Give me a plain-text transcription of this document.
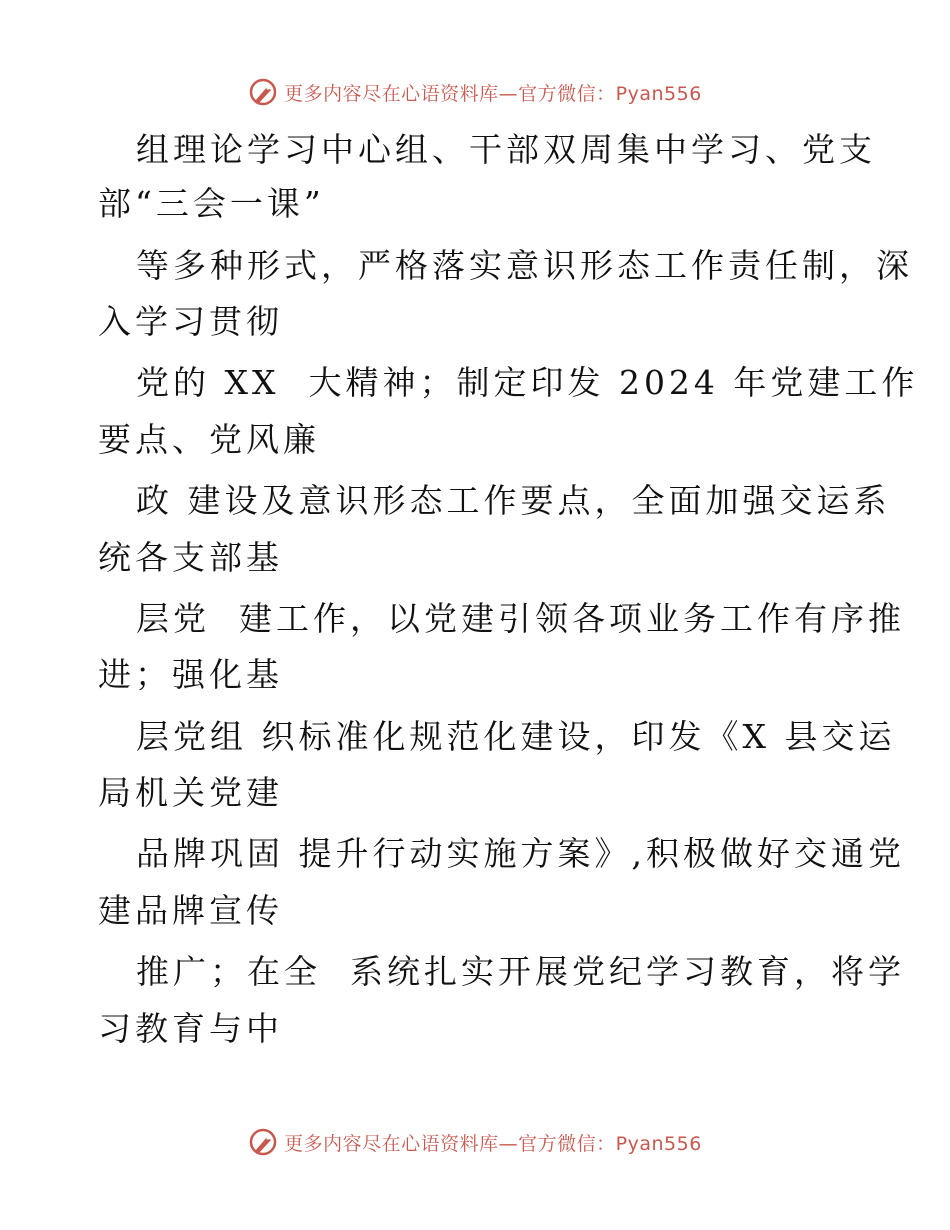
更多内容尽在心语资料库—官方微信：Pyan556
组理论学习中心组、干部双周集中学习、党支
部“三会一课”
等多种形式，严格落实意识形态工作责任制，深
入学习贯彻
党的 XX  大精神；制定印发 2024 年党建工作
要点、党风廉
政 建设及意识形态工作要点，全面加强交运系
统各支部基
层党  建工作，以党建引领各项业务工作有序推
进；强化基
层党组 织标准化规范化建设，印发《X 县交运
局机关党建
品牌巩固 提升行动实施方案》,积极做好交通党
建品牌宣传
推广；在全  系统扎实开展党纪学习教育，将学
习教育与中
更多内容尽在心语资料库—官方微信：Pyan556
